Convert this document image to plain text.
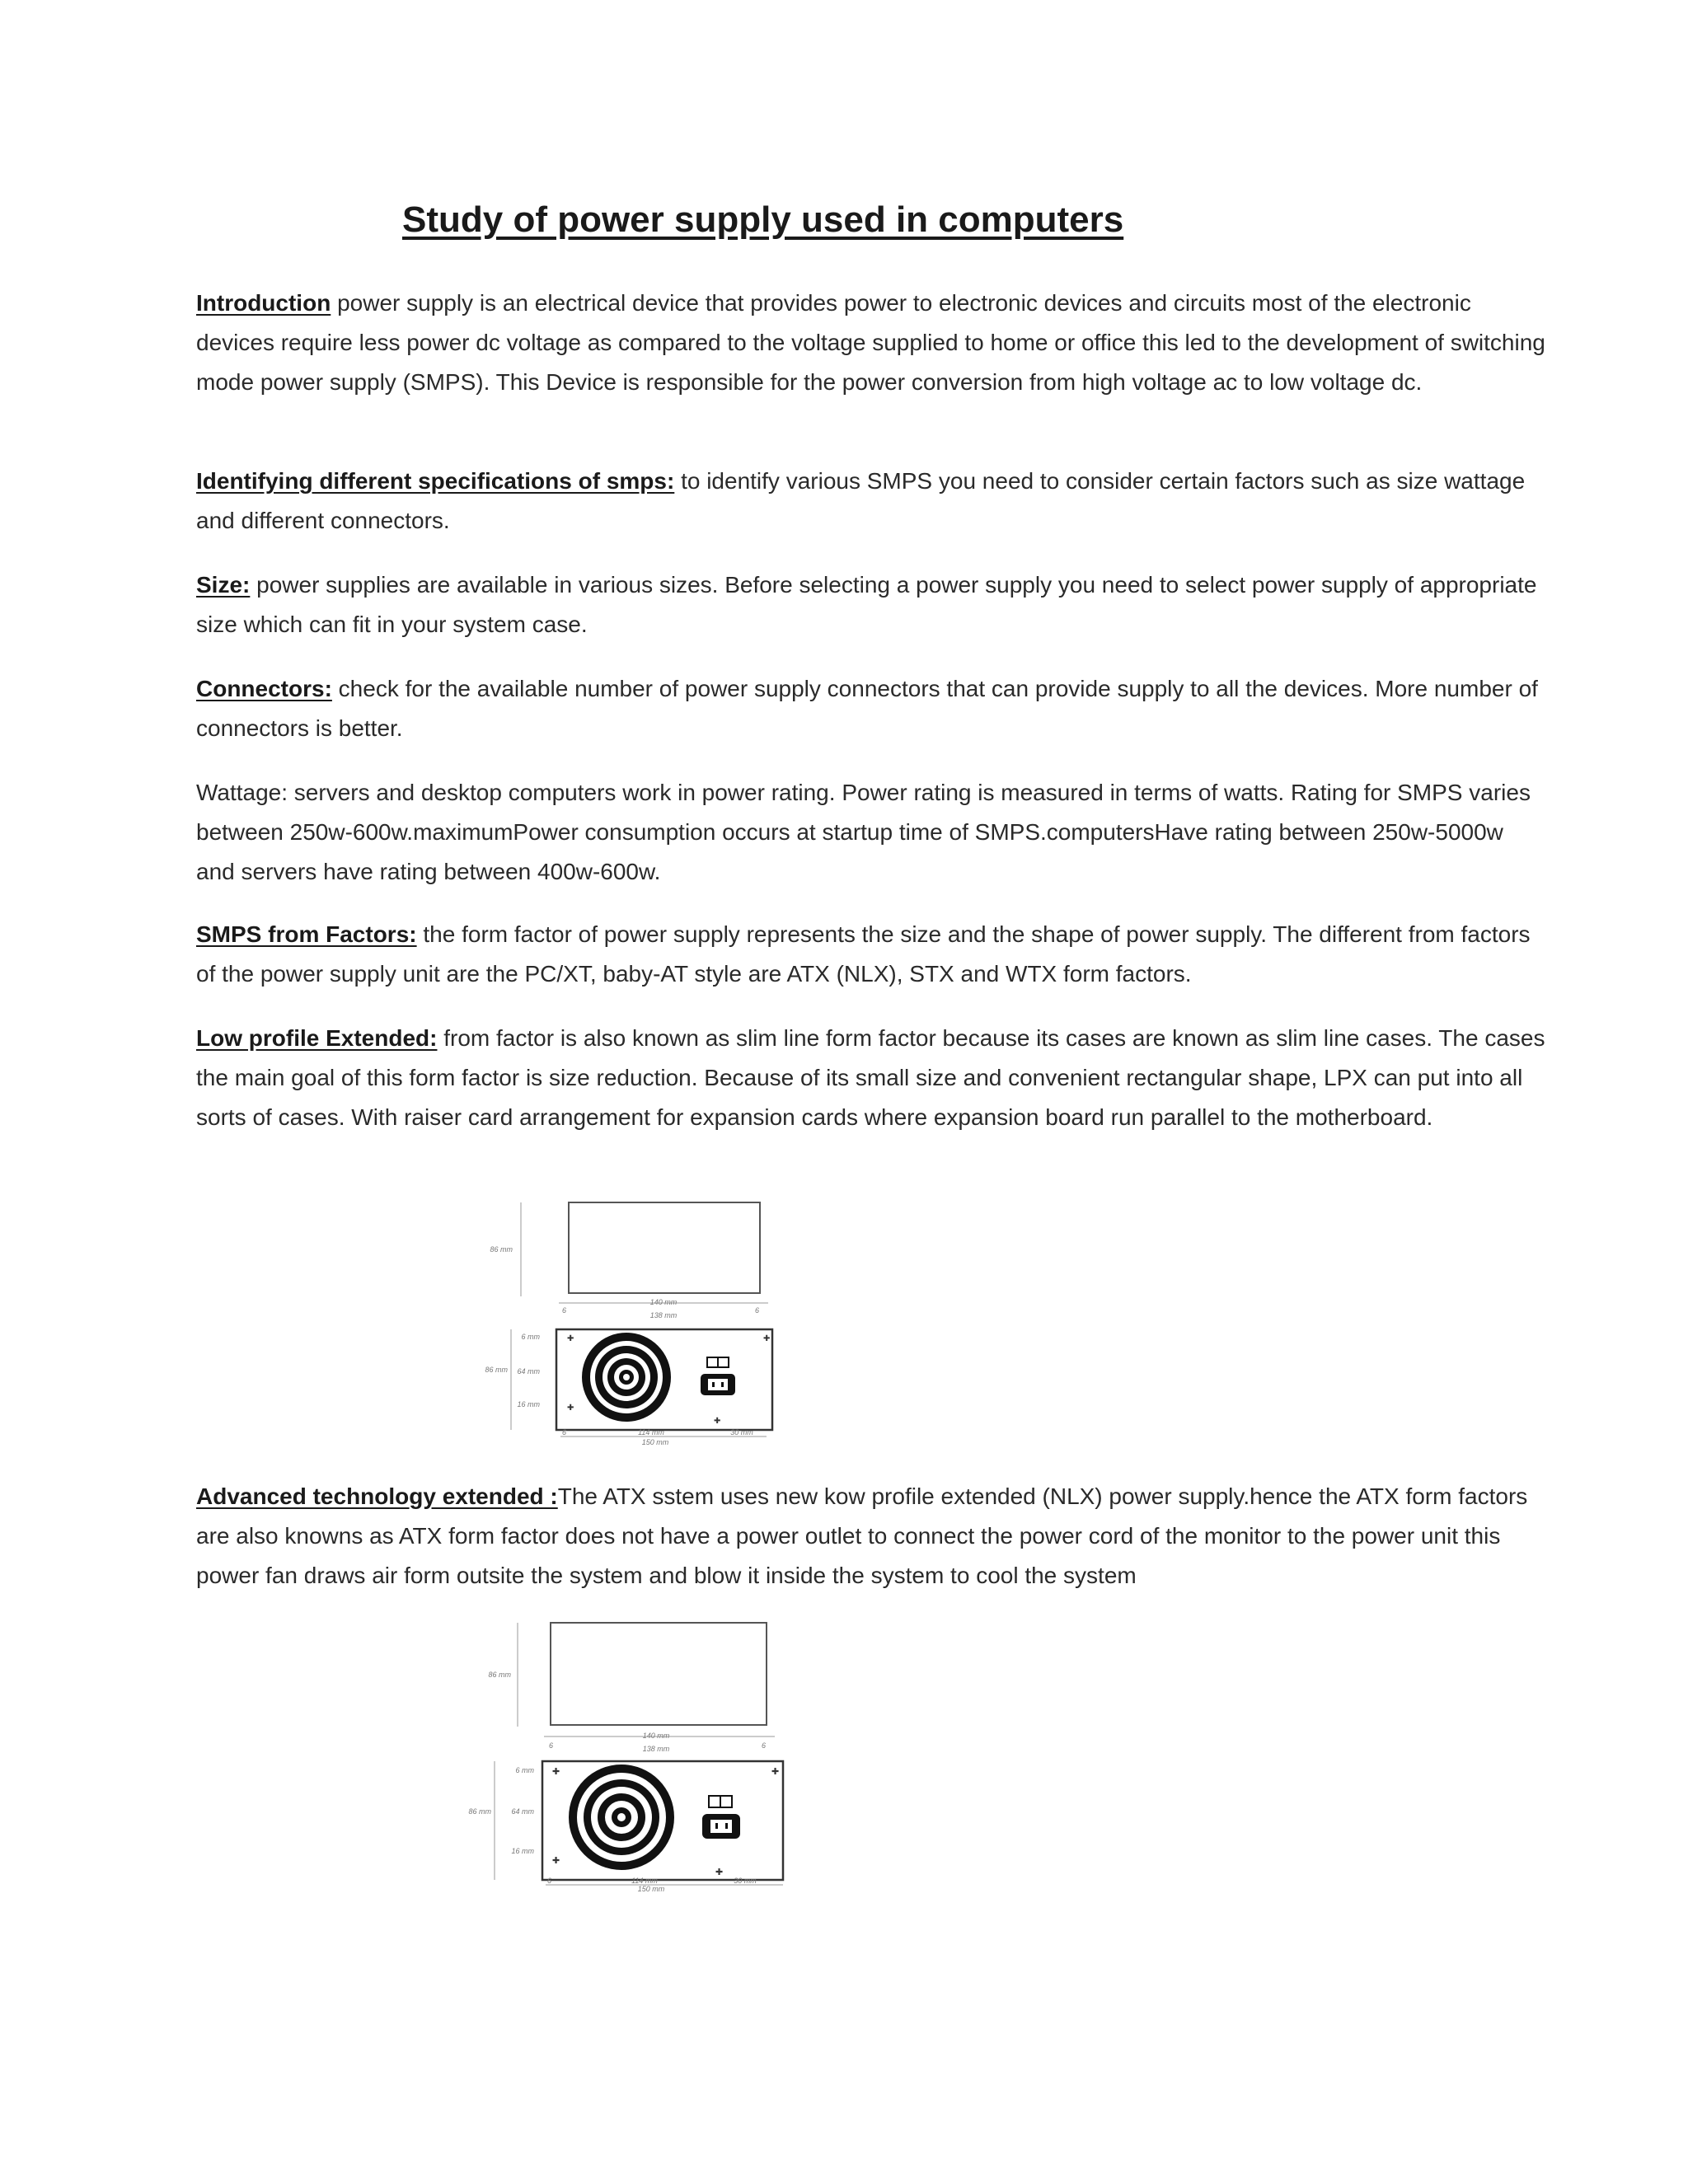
Study of power supply used in computers

Introduction power supply is an electrical device that provides power to electronic devices and circuits most of the electronic devices require less power dc voltage as compared to the voltage supplied to home or office this led to the development of switching mode power supply (SMPS). This Device is responsible for the power conversion from high voltage ac to low voltage dc.

Identifying different specifications of smps: to identify various SMPS you need to consider certain factors such as size wattage and different connectors.

Size: power supplies are available in various sizes. Before selecting a power supply you need to select power supply of appropriate size which can fit in your system case.

Connectors: check for the available number of power supply connectors that can provide supply to all the devices. More number of connectors is better.

Wattage: servers and desktop computers work in power rating. Power rating is measured in terms of watts. Rating for SMPS varies between 250w-600w.maximumPower consumption occurs at startup time of SMPS.computersHave rating between 250w-5000w and servers have rating between 400w-600w.

SMPS from Factors: the form factor of power supply represents the size and the shape of power supply. The different from factors of the power supply unit are the PC/XT, baby-AT style are ATX (NLX), STX and WTX form factors.

Low profile Extended: from factor is also known as slim line form factor because its cases are known as slim line cases. The cases the main goal of this form factor is size reduction. Because of its small size and convenient rectangular shape, LPX can put into all sorts of cases. With raiser card arrangement for expansion cards where expansion board run parallel to the motherboard.

86 mm
140 mm
138 mm
6	6
86 mm
6 mm
64 mm
16 mm
✚	✚
✚
✚
114 mm	30 mm
150 mm
6

Advanced technology extended :The ATX sstem uses new kow profile extended (NLX) power supply.hence the ATX form factors are also knowns as ATX form factor does not have a power outlet to connect the power cord of the monitor to the power unit this power fan draws air form outsite the system and blow it inside the system to cool the system

86 mm
140 mm
138 mm
6	6
86 mm
6 mm
64 mm
16 mm
✚	✚
✚
✚
114 mm	30 mm
150 mm
6
